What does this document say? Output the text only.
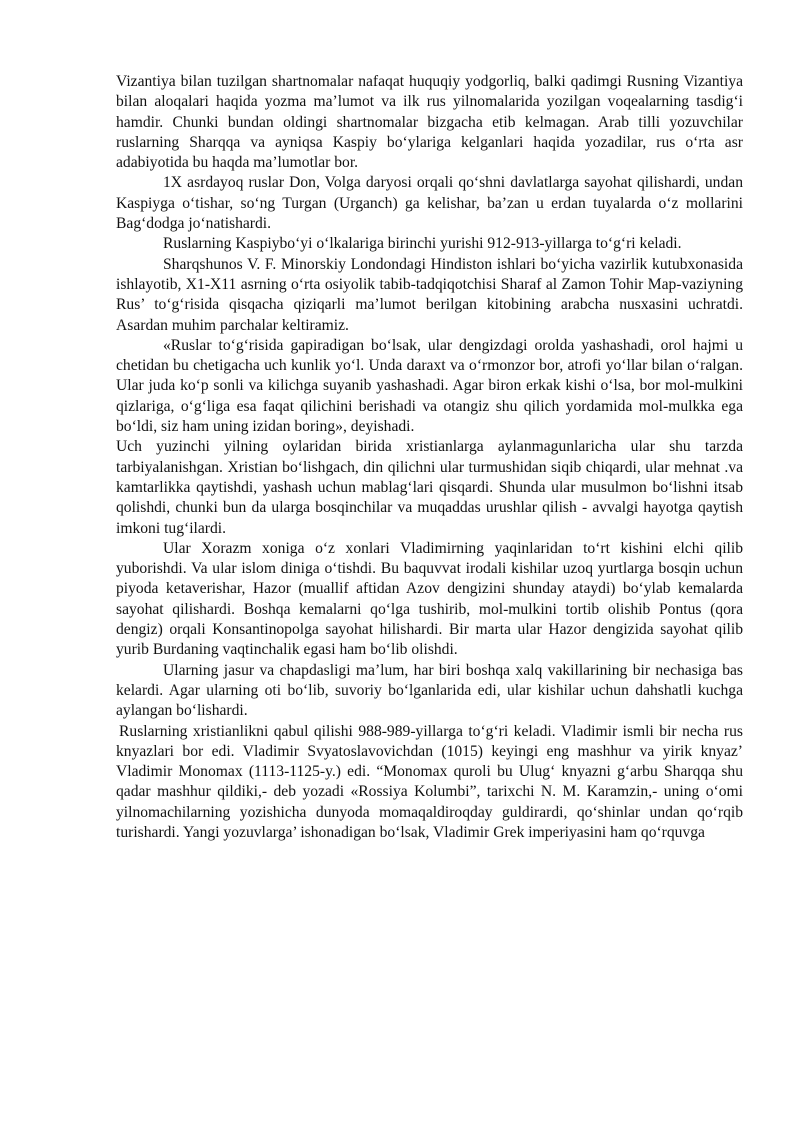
Vizantiya bilan tuzilgan shartnomalar nafaqat huquqiy yodgorliq, balki qadimgi Rusning Vizantiya bilan aloqalari haqida yozma ma’lumot va ilk rus yilnomalarida yozilgan voqealarning tasdig‘i hamdir. Chunki bundan oldingi shartnomalar bizgacha etib kelmagan. Arab tilli yozuvchilar ruslarning Sharqqa va ayniqsa Kaspiy bo‘ylariga kelganlari haqida yozadilar, rus o‘rta asr adabiyotida bu haqda ma’lumotlar bor.

1X asrdayoq ruslar Don, Volga daryosi orqali qo‘shni davlatlarga sayohat qilishardi, undan Kaspiyga o‘tishar, so‘ng Turgan (Urganch) ga kelishar, ba’zan u erdan tuyalarda o‘z mollarini Bag‘dodga jo‘natishardi.

Ruslarning Kaspiybo‘yi o‘lkalariga birinchi yurishi 912-913-yillarga to‘g‘ri keladi.

Sharqshunos V. F. Minorskiy Londondagi Hindiston ishlari bo‘yicha vazirlik kutubxonasida ishlayotib, X1-X11 asrning o‘rta osiyolik tabib-tadqiqotchisi Sharaf al Zamon Tohir Map-vaziyning Rus’ to‘g‘risida qisqacha qiziqarli ma’lumot berilgan kitobining arabcha nusxasini uchratdi. Asardan muhim parchalar keltiramiz.

«Ruslar to‘g‘risida gapiradigan bo‘lsak, ular dengizdagi orolda yashashadi, orol hajmi u chetidan bu chetigacha uch kunlik yo‘l. Unda daraxt va o‘rmonzor bor, atrofi yo‘llar bilan o‘ralgan. Ular juda ko‘p sonli va kilichga suyanib yashashadi. Agar biron erkak kishi o‘lsa, bor mol-mulkini qizlariga, o‘g‘liga esa faqat qilichini berishadi va otangiz shu qilich yordamida mol-mulkka ega bo‘ldi, siz ham uning izidan boring», deyishadi.

Uch yuzinchi yilning oylaridan birida xristianlarga aylanmagunlaricha ular shu tarzda tarbiyalanishgan. Xristian bo‘lishgach, din qilichni ular turmushidan siqib chiqardi, ular mehnat .va kamtarlikka qaytishdi, yashash uchun mablag‘lari qisqardi. Shunda ular musulmon bo‘lishni itsab qolishdi, chunki bun da ularga bosqinchilar va muqaddas urushlar qilish - avvalgi hayotga qaytish imkoni tug‘ilardi.

Ular Xorazm xoniga o‘z xonlari Vladimirning yaqinlaridan to‘rt kishini elchi qilib yuborishdi. Va ular islom diniga o‘tishdi. Bu baquvvat irodali kishilar uzoq yurtlarga bosqin uchun piyoda ketaverishar, Hazor (muallif aftidan Azov dengizini shunday ataydi) bo‘ylab kemalarda sayohat qilishardi. Boshqa kemalarni qo‘lga tushirib, mol-mulkini tortib olishib Pontus (qora dengiz) orqali Konsantinopolga sayohat hilishardi. Bir marta ular Hazor dengizida sayohat qilib yurib Burdaning vaqtinchalik egasi ham bo‘lib olishdi.

Ularning jasur va chapdasligi ma’lum, har biri boshqa xalq vakillarining bir nechasiga bas kelardi. Agar ularning oti bo‘lib, suvoriy bo‘lganlarida edi, ular kishilar uchun dahshatli kuchga aylangan bo‘lishardi.

Ruslarning xristianlikni qabul qilishi 988-989-yillarga to‘g‘ri keladi. Vladimir ismli bir necha rus knyazlari bor edi. Vladimir Svyatoslavovichdan (1015) keyingi eng mashhur va yirik knyaz’ Vladimir Monomax (1113-1125-y.) edi. “Monomax quroli bu Ulug‘ knyazni g‘arbu Sharqqa shu qadar mashhur qildiki,- deb yozadi «Rossiya Kolumbi”, tarixchi N. M. Karamzin,- uning o‘omi yilnomachilarning yozishicha dunyoda momaqaldiroqday guldirardi, qo‘shinlar undan qo‘rqib turishardi. Yangi yozuvlarga’ ishonadigan bo‘lsak, Vladimir Grek imperiyasini ham qo‘rquvga
